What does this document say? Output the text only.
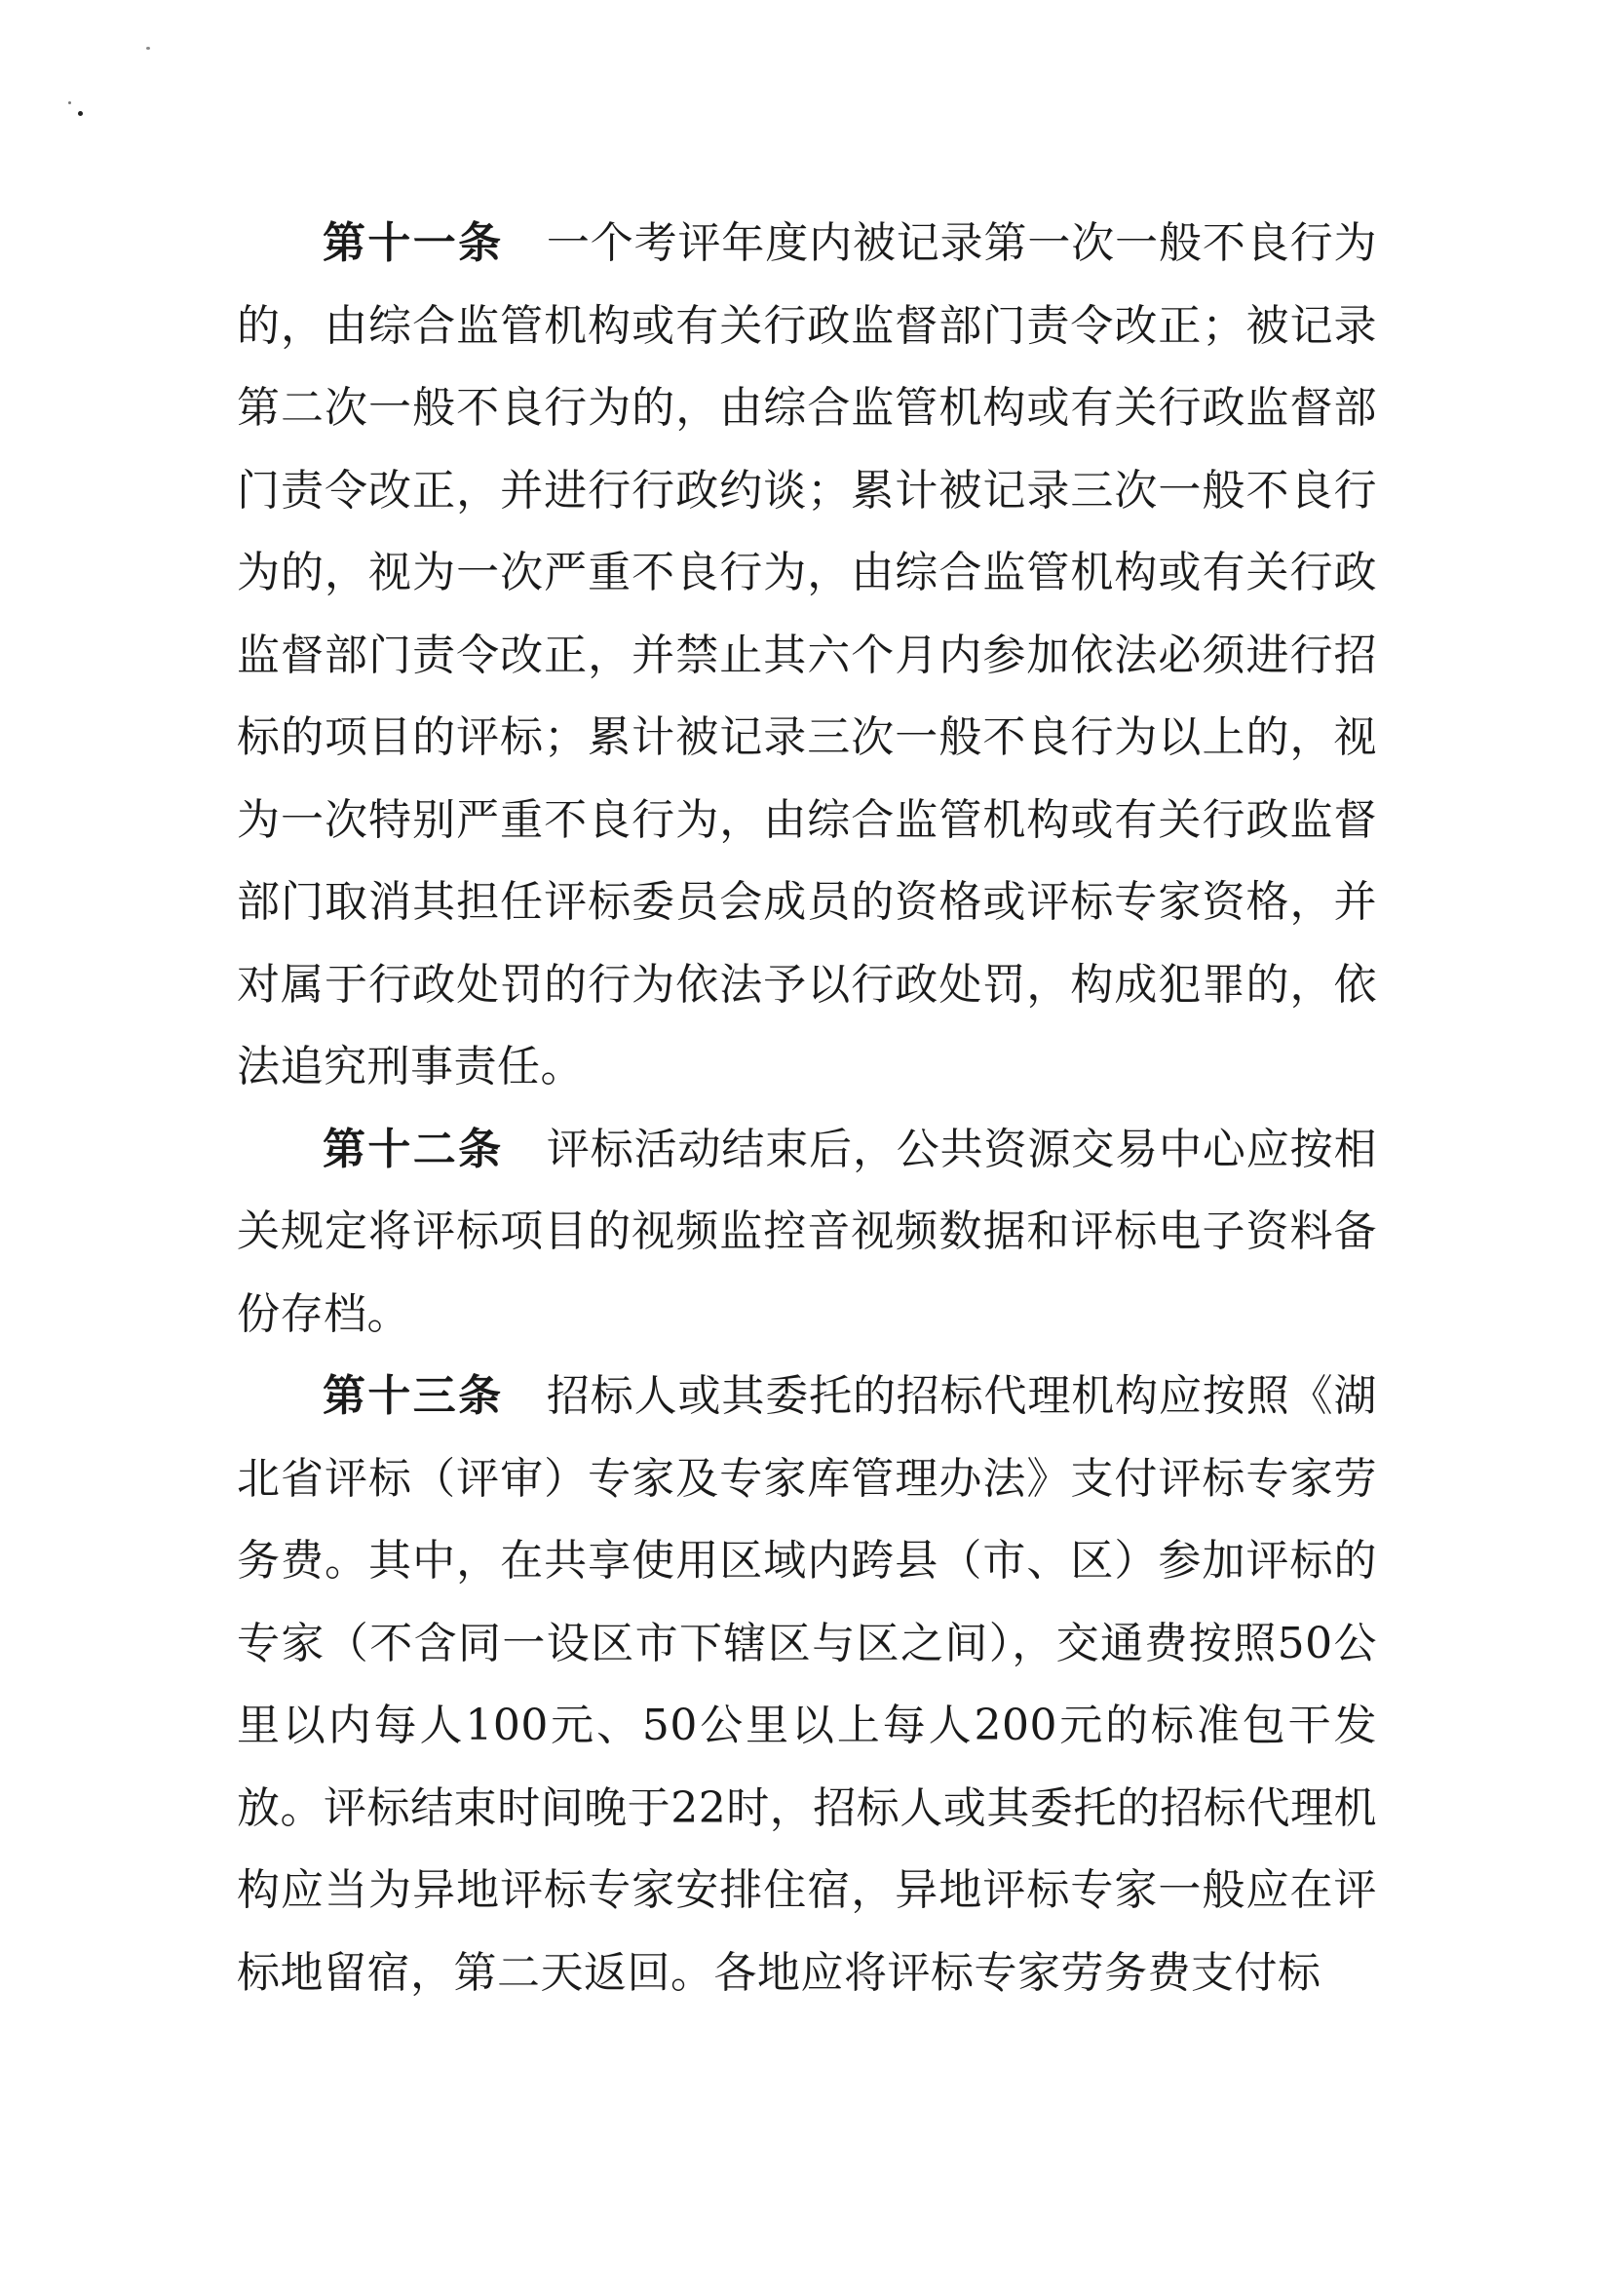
第十一条 一个考评年度内被记录第一次一般不良行为的，由综合监管机构或有关行政监督部门责令改正；被记录第二次一般不良行为的，由综合监管机构或有关行政监督部门责令改正，并进行行政约谈；累计被记录三次一般不良行为的，视为一次严重不良行为，由综合监管机构或有关行政监督部门责令改正，并禁止其六个月内参加依法必须进行招标的项目的评标；累计被记录三次一般不良行为以上的，视为一次特别严重不良行为，由综合监管机构或有关行政监督部门取消其担任评标委员会成员的资格或评标专家资格，并对属于行政处罚的行为依法予以行政处罚，构成犯罪的，依法追究刑事责任。

第十二条 评标活动结束后，公共资源交易中心应按相关规定将评标项目的视频监控音视频数据和评标电子资料备份存档。

第十三条 招标人或其委托的招标代理机构应按照《湖北省评标（评审）专家及专家库管理办法》支付评标专家劳务费。其中，在共享使用区域内跨县（市、区）参加评标的专家（不含同一设区市下辖区与区之间），交通费按照50公里以内每人100元、50公里以上每人200元的标准包干发放。评标结束时间晚于22时，招标人或其委托的招标代理机构应当为异地评标专家安排住宿，异地评标专家一般应在评标地留宿，第二天返回。各地应将评标专家劳务费支付标
